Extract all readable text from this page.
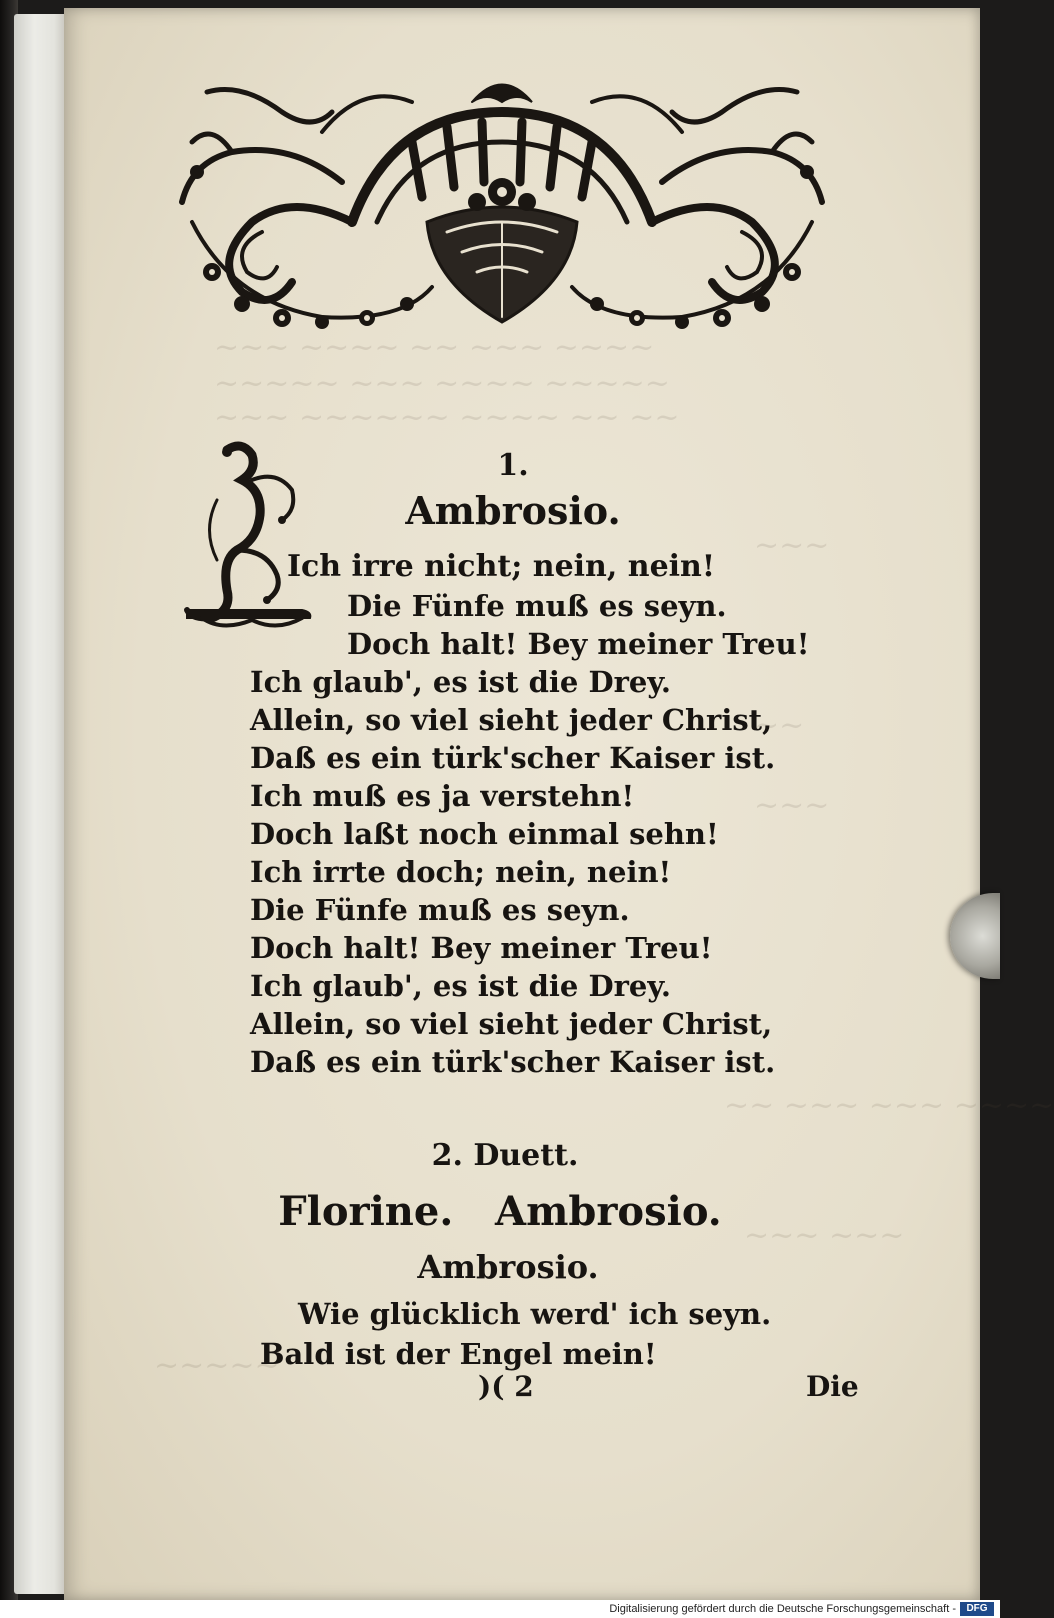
~~~ ~~~~ ~~ ~~~ ~~~~
~~~~~ ~~~ ~~~~ ~~~~~
~~~ ~~~~~~ ~~~~ ~~ ~~
~~~
~~
~~~
~~ ~~~ ~~~ ~~~~
~~~ ~~~
~~~~~
1.
Ambrosio.
Ich irre nicht; nein, nein!
Die Fünfe muß es seyn.
Doch halt! Bey meiner Treu!
Ich glaub', es ist die Drey.
Allein, so viel sieht jeder Christ,
Daß es ein türk'scher Kaiser ist.
Ich muß es ja verstehn!
Doch laßt noch einmal sehn!
Ich irrte doch; nein, nein!
Die Fünfe muß es seyn.
Doch halt! Bey meiner Treu!
Ich glaub', es ist die Drey.
Allein, so viel sieht jeder Christ,
Daß es ein türk'scher Kaiser ist.
2. Duett.
Florine.   Ambrosio.
Ambrosio.
Wie glücklich werd' ich seyn.
Bald ist der Engel mein!
)( 2	Die
Digitalisierung gefördert durch die Deutsche Forschungsgemeinschaft -	DFG
